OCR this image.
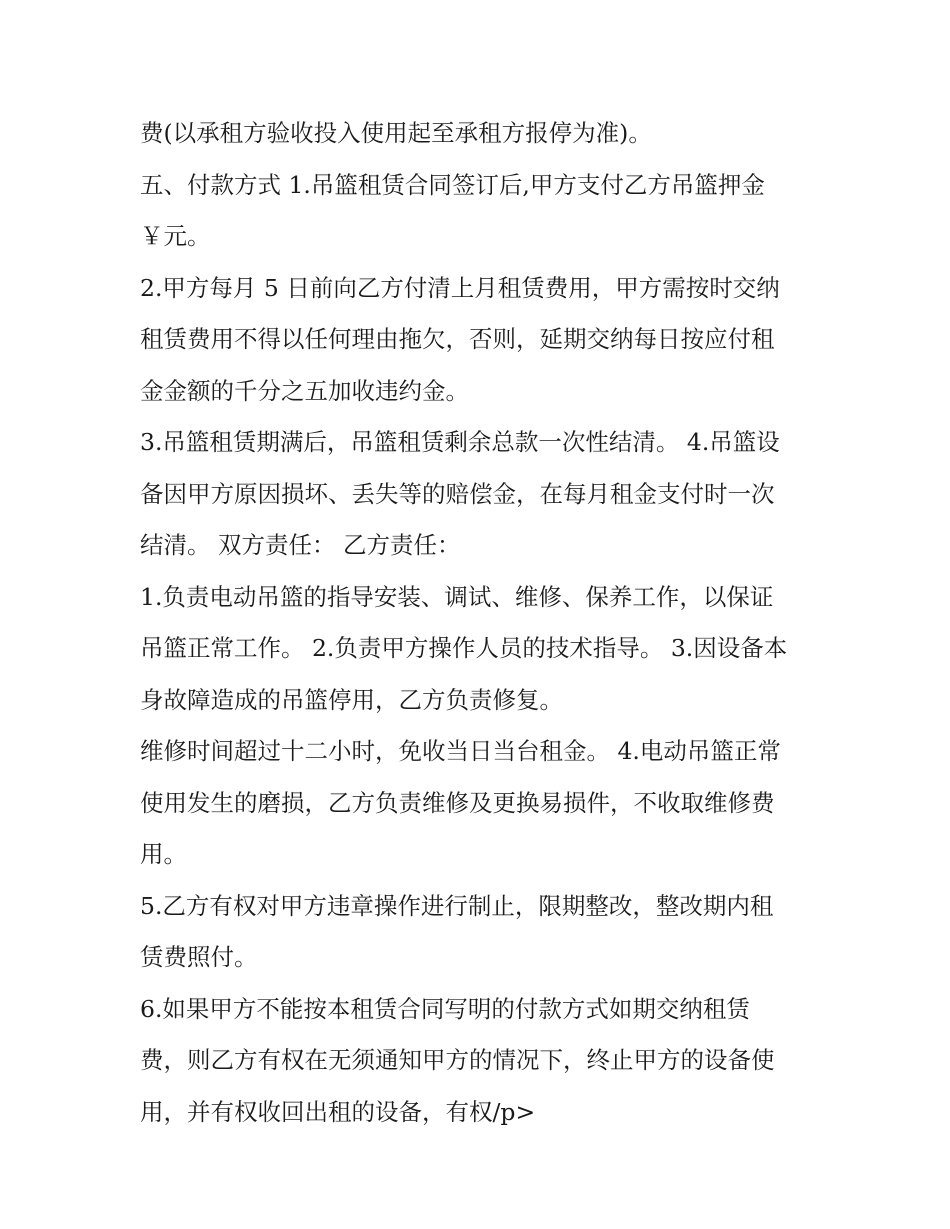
费(以承租方验收投入使用起至承租方报停为准)。
五、付款方式 1.吊篮租赁合同签订后,甲方支付乙方吊篮押金
￥元。
2.甲方每月 5 日前向乙方付清上月租赁费用，甲方需按时交纳
租赁费用不得以任何理由拖欠，否则，延期交纳每日按应付租
金金额的千分之五加收违约金。
3.吊篮租赁期满后，吊篮租赁剩余总款一次性结清。 4.吊篮设
备因甲方原因损坏、丢失等的赔偿金，在每月租金支付时一次
结清。 双方责任： 乙方责任：
1.负责电动吊篮的指导安装、调试、维修、保养工作，以保证
吊篮正常工作。 2.负责甲方操作人员的技术指导。 3.因设备本
身故障造成的吊篮停用，乙方负责修复。
维修时间超过十二小时，免收当日当台租金。 4.电动吊篮正常
使用发生的磨损，乙方负责维修及更换易损件，不收取维修费
用。
5.乙方有权对甲方违章操作进行制止，限期整改，整改期内租
赁费照付。
6.如果甲方不能按本租赁合同写明的付款方式如期交纳租赁
费，则乙方有权在无须通知甲方的情况下，终止甲方的设备使
用，并有权收回出租的设备，有权/p>
